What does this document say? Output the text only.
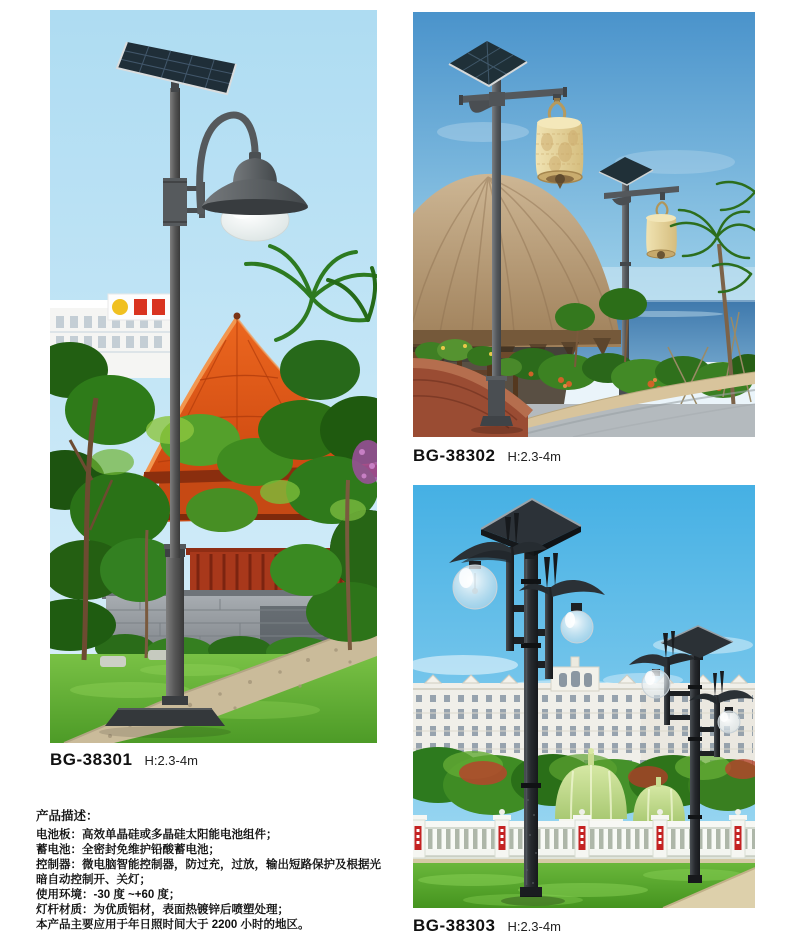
BG-38301 H:2.3-4m
BG-38302 H:2.3-4m
BG-38303 H:2.3-4m
产品描述：
电池板：高效单晶硅或多晶硅太阳能电池组件；
蓄电池：全密封免维护铅酸蓄电池；
控制器：微电脑智能控制器，防过充，过放，输出短路保护及根据光
暗自动控制开、关灯；
使用环境：-30 度 ~+60 度；
灯杆材质：为优质铝材，表面热镀锌后喷塑处理；
本产品主要应用于年日照时间大于 2200 小时的地区。
